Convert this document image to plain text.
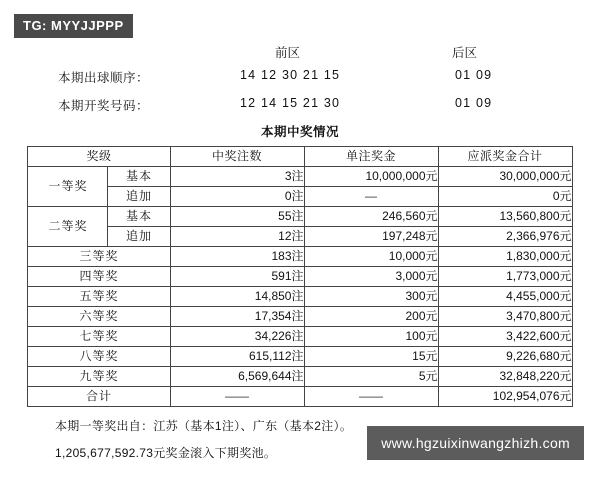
TG: MYYJJPPP
前区	后区
本期出球顺序：	14 12 30 21 15	01 09
本期开奖号码：	12 14 15 21 30	01 09
本期中奖情况
奖级		中奖注数	单注奖金	应派奖金合计
一等奖	基本	3注	10,000,000元	30,000,000元
	追加	0注	—	0元
二等奖	基本	55注	246,560元	13,560,800元
	追加	12注	197,248元	2,366,976元
三等奖		183注	10,000元	1,830,000元
四等奖		591注	3,000元	1,773,000元
五等奖		14,850注	300元	4,455,000元
六等奖		17,354注	200元	3,470,800元
七等奖		34,226注	100元	3,422,600元
八等奖		615,112注	15元	9,226,680元
九等奖		6,569,644注	5元	32,848,220元
合计		——	——	102,954,076元
本期一等奖出自：江苏（基本1注）、广东（基本2注）。
1,205,677,592.73元奖金滚入下期奖池。
www.hgzuixinwangzhizh.com
